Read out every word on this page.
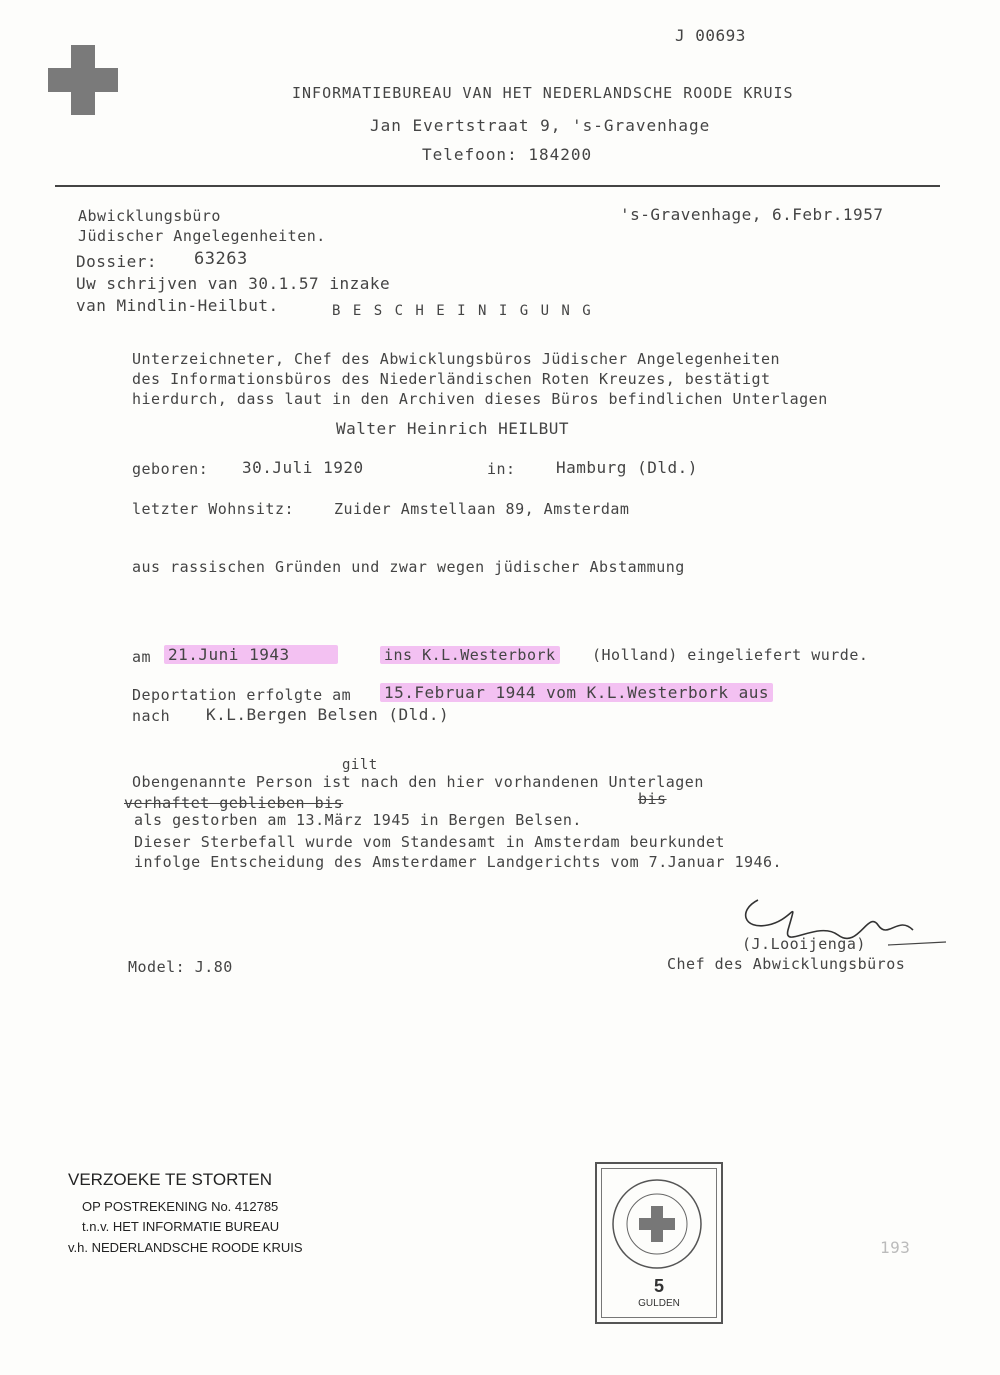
J 00693
INFORMATIEBUREAU VAN HET NEDERLANDSCHE ROODE KRUIS
Jan Evertstraat 9, 's-Gravenhage
Telefoon: 184200
Abwicklungsbüro
Jüdischer Angelegenheiten.
Dossier: 63263
Uw schrijven van 30.1.57 inzake
van Mindlin-Heilbut.
's-Gravenhage, 6.Febr.1957
B E S C H E I N I G U N G
Unterzeichneter, Chef des Abwicklungsbüros Jüdischer Angelegenheiten
des Informationsbüros des Niederländischen Roten Kreuzes, bestätigt
hierdurch, dass laut in den Archiven dieses Büros befindlichen Unterlagen
Walter Heinrich HEILBUT
geboren: 30.Juli 1920	in:	Hamburg (Dld.)
letzter Wohnsitz:	Zuider Amstellaan 89, Amsterdam
aus rassischen Gründen und zwar wegen jüdischer Abstammung
am 21.Juni 1943	ins K.L.Westerbork (Holland) eingeliefert wurde.
Deportation erfolgte am 15.Februar 1944 vom K.L.Westerbork aus
nach K.L.Bergen Belsen (Dld.)
gilt
Obengenannte Person ist nach den hier vorhandenen Unterlagen
verhaftet geblieben bis	bis
als gestorben am 13.März 1945 in Bergen Belsen.
Dieser Sterbefall wurde vom Standesamt in Amsterdam beurkundet
infolge Entscheidung des Amsterdamer Landgerichts vom 7.Januar 1946.
(J.Looijenga)
Chef des Abwicklungsbüros
Model: J.80
VERZOEKE TE STORTEN
OP POSTREKENING No. 412785
t.n.v. HET INFORMATIE BUREAU
v.h. NEDERLANDSCHE ROODE KRUIS
5
GULDEN
193
